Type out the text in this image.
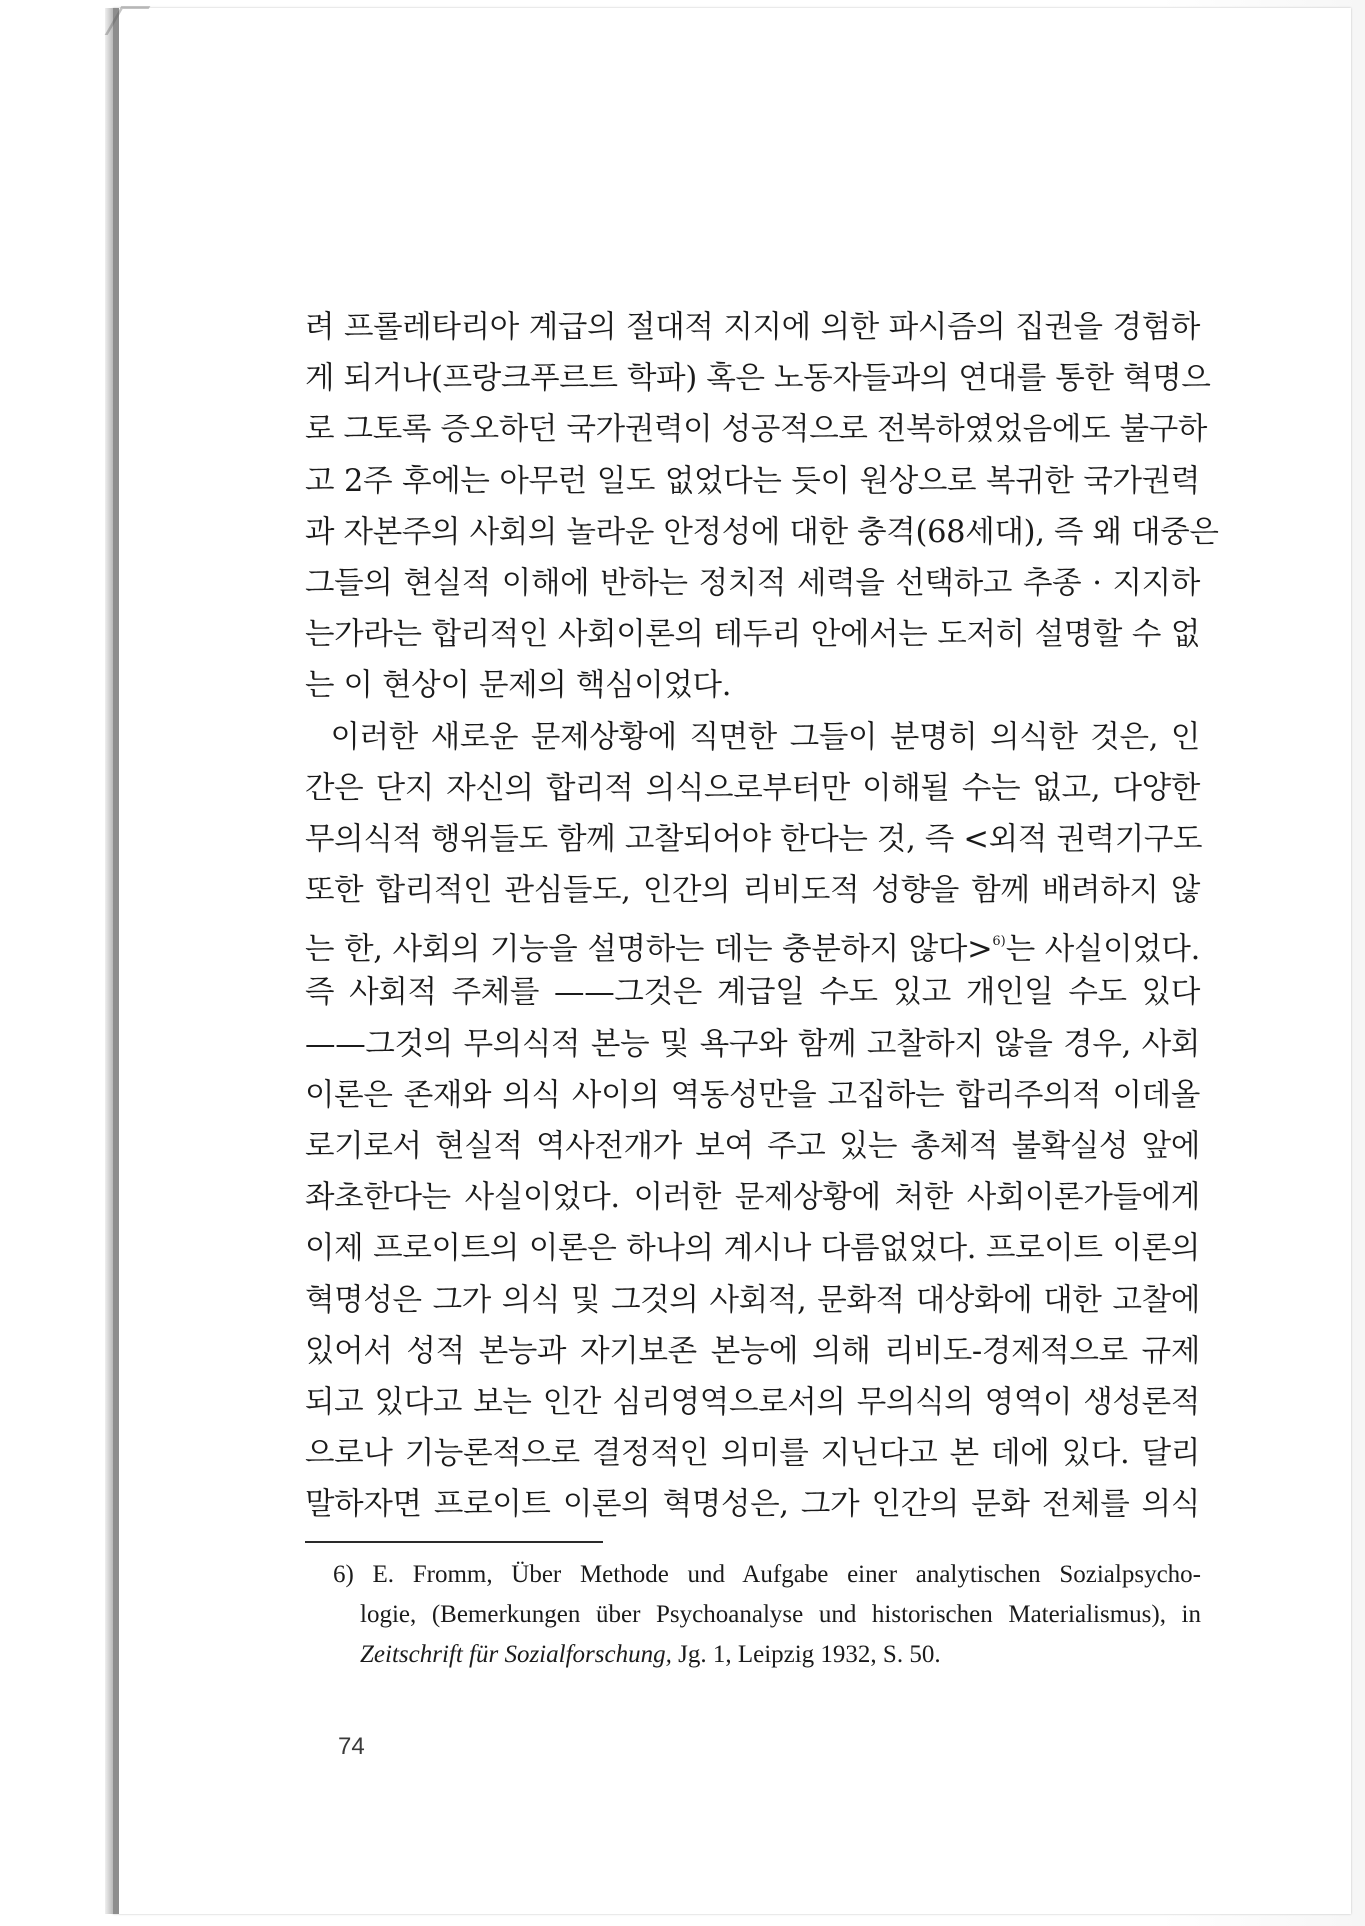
려 프롤레타리아 계급의 절대적 지지에 의한 파시즘의 집권을 경험하
게 되거나(프랑크푸르트 학파) 혹은 노동자들과의 연대를 통한 혁명으
로 그토록 증오하던 국가권력이 성공적으로 전복하였었음에도 불구하
고 2주 후에는 아무런 일도 없었다는 듯이 원상으로 복귀한 국가권력
과 자본주의 사회의 놀라운 안정성에 대한 충격(68세대), 즉 왜 대중은
그들의 현실적 이해에 반하는 정치적 세력을 선택하고 추종 · 지지하
는가라는 합리적인 사회이론의 테두리 안에서는 도저히 설명할 수 없
는 이 현상이 문제의 핵심이었다.
이러한 새로운 문제상황에 직면한 그들이 분명히 의식한 것은, 인
간은 단지 자신의 합리적 의식으로부터만 이해될 수는 없고, 다양한
무의식적 행위들도 함께 고찰되어야 한다는 것, 즉 <외적 권력기구도
또한 합리적인 관심들도, 인간의 리비도적 성향을 함께 배려하지 않
는 한, 사회의 기능을 설명하는 데는 충분하지 않다>$^{6)}$는 사실이었다.
즉 사회적 주체를 ——그것은 계급일 수도 있고 개인일 수도 있다
——그것의 무의식적 본능 및 욕구와 함께 고찰하지 않을 경우, 사회
이론은 존재와 의식 사이의 역동성만을 고집하는 합리주의적 이데올
로기로서 현실적 역사전개가 보여 주고 있는 총체적 불확실성 앞에
좌초한다는 사실이었다. 이러한 문제상황에 처한 사회이론가들에게
이제 프로이트의 이론은 하나의 계시나 다름없었다. 프로이트 이론의
혁명성은 그가 의식 및 그것의 사회적, 문화적 대상화에 대한 고찰에
있어서 성적 본능과 자기보존 본능에 의해 리비도-경제적으로 규제
되고 있다고 보는 인간 심리영역으로서의 무의식의 영역이 생성론적
으로나 기능론적으로 결정적인 의미를 지닌다고 본 데에 있다. 달리
말하자면 프로이트 이론의 혁명성은, 그가 인간의 문화 전체를 의식
6) E. Fromm, Über Methode und Aufgabe einer analytischen Sozialpsycho-
logie, (Bemerkungen über Psychoanalyse und historischen Materialismus), in
Zeitschrift für Sozialforschung, Jg. 1, Leipzig 1932, S. 50.
74
